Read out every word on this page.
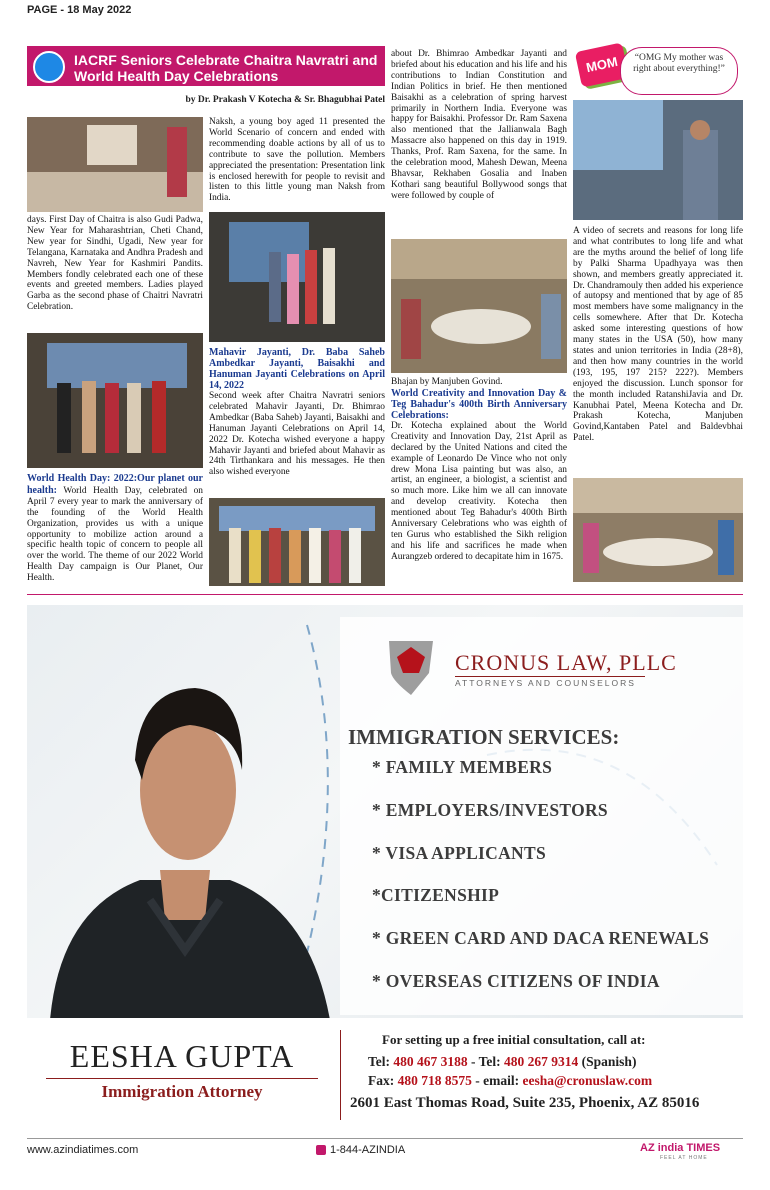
PAGE - 18 May 2022
IACRF Seniors Celebrate Chaitra Navratri and World Health Day Celebrations
by Dr. Prakash V Kotecha & Sr. Bhagubhai Patel
days. First Day of Chaitra is also Gudi Padwa, New Year for Maharashtrian, Cheti Chand, New year for Sindhi, Ugadi, New year for Telangana, Karnataka and Andhra Pradesh and Navreh, New Year for Kashmiri Pandits. Members fondly celebrated each one of these events and greeted members. Ladies played Garba as the second phase of Chaitri Navratri Celebration.
World Health Day: 2022:Our planet our health: World Health Day, celebrated on April 7 every year to mark the anniversary of the founding of the World Health Organization, provides us with a unique opportunity to mobilize action around a specific health topic of concern to people all over the world. The theme of our 2022 World Health Day campaign is Our Planet, Our Health.
Naksh, a young boy aged 11 presented the World Scenario of concern and ended with recommending doable actions by all of us to contribute to save the pollution. Members appreciated the presentation: Presentation link is enclosed herewith for people to revisit and listen to this little young man Naksh from India.
Mahavir Jayanti, Dr. Baba Saheb Ambedkar Jayanti, Baisakhi and Hanuman Jayanti Celebrations on April 14, 2022
Second week after Chaitra Navratri seniors celebrated Mahavir Jayanti, Dr. Bhimrao Ambedkar (Baba Saheb) Jayanti, Baisakhi and Hanuman Jayanti Celebrations on April 14, 2022 Dr. Kotecha wished everyone a happy Mahavir Jayanti and briefed about Mahavir as 24th Tirthankara and his messages. He then also wished everyone
about Dr. Bhimrao Ambedkar Jayanti and briefed about his education and his life and his contributions to Indian Constitution and Indian Politics in brief. He then mentioned Baisakhi as a celebration of spring harvest primarily in Northern India. Everyone was happy for Baisakhi. Professor Dr. Ram Saxena also mentioned that the Jallianwala Bagh Massacre also happened on this day in 1919. Thanks, Prof. Ram Saxena, for the same. In the celebration mood, Mahesh Dewan, Meena Bhavsar, Rekhaben Gosalia and Inaben Kothari sang beautiful Bollywood songs that were followed by couple of
Bhajan by Manjuben Govind.
World Creativity and Innovation Day & Teg Bahadur's 400th Birth Anniversary Celebrations:
Dr. Kotecha explained about the World Creativity and Innovation Day, 21st April as declared by the United Nations and cited the example of Leonardo De Vince who not only drew Mona Lisa painting but was also, an artist, an engineer, a biologist, a scientist and so much more. Like him we all can innovate and develop creativity. Kotecha then mentioned about Teg Bahadur's 400th Birth Anniversary Celebrations who was eighth of ten Gurus who established the Sikh religion and his life and sacrifices he made when Aurangzeb ordered to decapitate him in 1675.
MOM	“OMG My mother was right about everything!”
A video of secrets and reasons for long life and what contributes to long life and what are the myths around the belief of long life by Palki Sharma Upadhyaya was then shown, and members greatly appreciated it. Dr. Chandramouly then added his experience of autopsy and mentioned that by age of 85 most members have some malignancy in the cells somewhere. After that Dr. Kotecha asked some interesting questions of how many states in the USA (50), how many states and union territories in India (28+8), and then how many countries in the world (193, 195, 197 215? 222?). Members enjoyed the discussion. Lunch sponsor for the month included RatanshiJavia and Dr. Kanubhai Patel, Meena Kotecha and Dr. Prakash Kotecha, Manjuben Govind,Kantaben Patel and Baldevbhai Patel.
CRONUS LAW, PLLC
ATTORNEYS AND COUNSELORS
IMMIGRATION SERVICES:
* FAMILY MEMBERS
* EMPLOYERS/INVESTORS
* VISA APPLICANTS
*CITIZENSHIP
* GREEN CARD AND DACA RENEWALS
* OVERSEAS CITIZENS OF INDIA
EESHA GUPTA
Immigration Attorney
For setting up a free initial consultation, call at:
Tel: 480 467 3188 - Tel: 480 267 9314 (Spanish)
Fax: 480 718 8575 - email: eesha@cronuslaw.com
2601 East Thomas Road, Suite 235, Phoenix, AZ 85016
www.azindiatimes.com	1-844-AZINDIA	AZ india TIMES
FEEL AT HOME
